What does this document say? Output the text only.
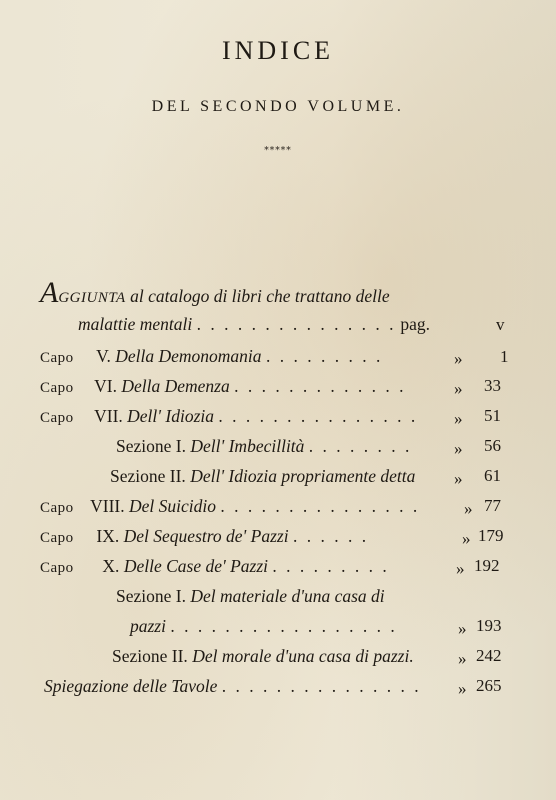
INDICE
DEL SECONDO VOLUME.
*****
AGGIUNTA al catalogo di libri che trattano delle
malattie mentali . . . . . . . . . . . . . . . pag.	v
Capo V. Della Demonomania . . . . . . . . .	» 1
Capo VI. Della Demenza . . . . . . . . . . . . .	» 33
Capo VII. Dell' Idiozia . . . . . . . . . . . . . . . » 51
Sezione I. Dell' Imbecillità . . . . . . . . » 56
Sezione II. Dell' Idiozia propriamente detta » 61
Capo VIII. Del Suicidio . . . . . . . . . . . . . . .	» 77
Capo IX. Del Sequestro de' Pazzi . . . . . .	» 179
Capo X. Delle Case de' Pazzi . . . . . . . . .	» 192
Sezione I. Del materiale d'una casa di
pazzi . . . . . . . . . . . . . . . . .	» 193
Sezione II. Del morale d'una casa di pazzi.	» 242
Spiegazione delle Tavole . . . . . . . . . . . . . . . » 265
